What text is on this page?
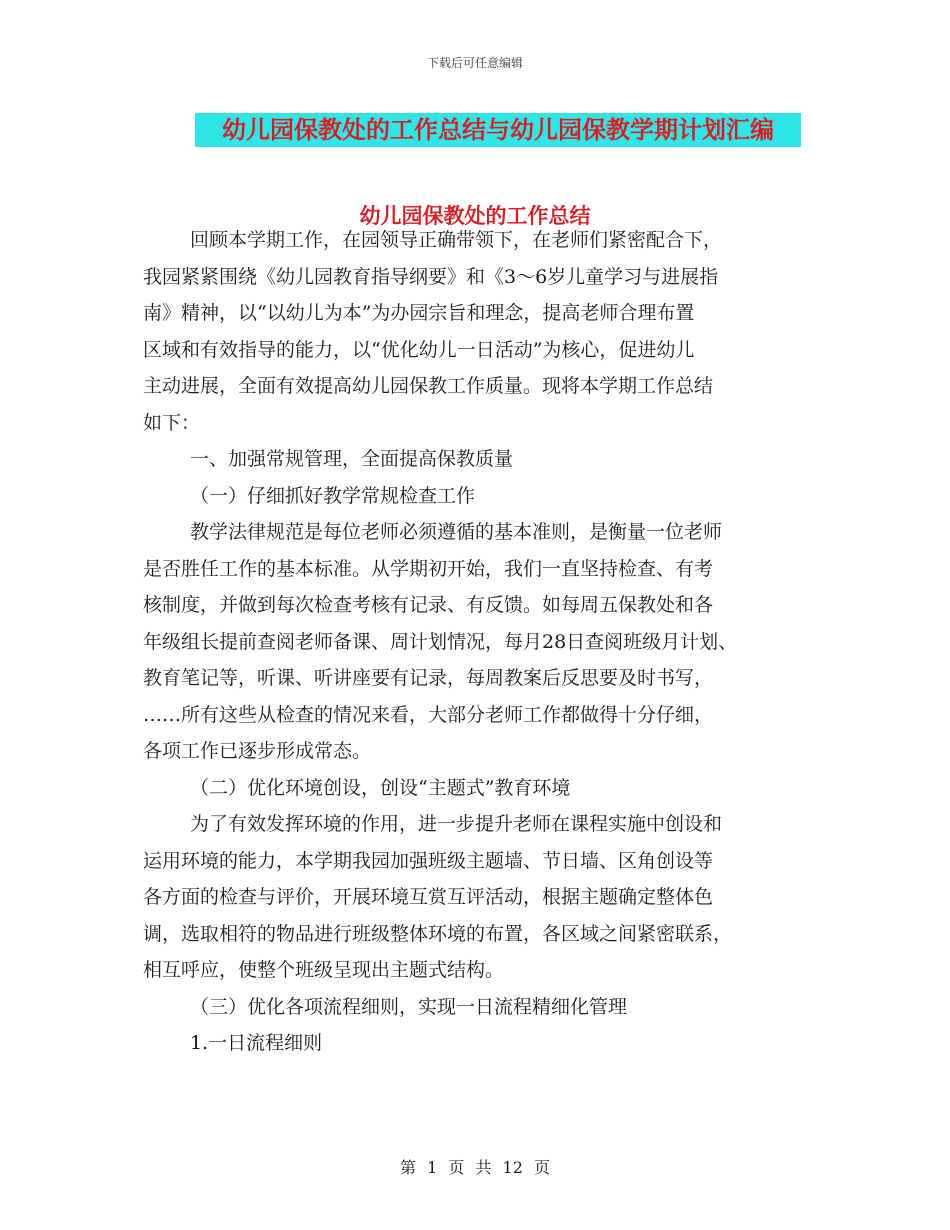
下载后可任意编辑
幼儿园保教处的工作总结与幼儿园保教学期计划汇编
幼儿园保教处的工作总结

回顾本学期工作，在园领导正确带领下，在老师们紧密配合下，
我园紧紧围绕《幼儿园教育指导纲要》和《3～6岁儿童学习与进展指
南》精神，以“以幼儿为本”为办园宗旨和理念，提高老师合理布置
区域和有效指导的能力，以“优化幼儿一日活动”为核心，促进幼儿
主动进展，全面有效提高幼儿园保教工作质量。现将本学期工作总结
如下：

一、加强常规管理，全面提高保教质量

（一）仔细抓好教学常规检查工作

教学法律规范是每位老师必须遵循的基本准则，是衡量一位老师
是否胜任工作的基本标准。从学期初开始，我们一直坚持检查、有考
核制度，并做到每次检查考核有记录、有反馈。如每周五保教处和各
年级组长提前查阅老师备课、周计划情况，每月28日查阅班级月计划、
教育笔记等，听课、听讲座要有记录，每周教案后反思要及时书写，
……所有这些从检查的情况来看，大部分老师工作都做得十分仔细，
各项工作已逐步形成常态。

（二）优化环境创设，创设“主题式”教育环境

为了有效发挥环境的作用，进一步提升老师在课程实施中创设和
运用环境的能力，本学期我园加强班级主题墙、节日墙、区角创设等
各方面的检查与评价，开展环境互赏互评活动，根据主题确定整体色
调，选取相符的物品进行班级整体环境的布置，各区域之间紧密联系，
相互呼应，使整个班级呈现出主题式结构。

（三）优化各项流程细则，实现一日流程精细化管理

1.一日流程细则

第 1 页 共 12 页
